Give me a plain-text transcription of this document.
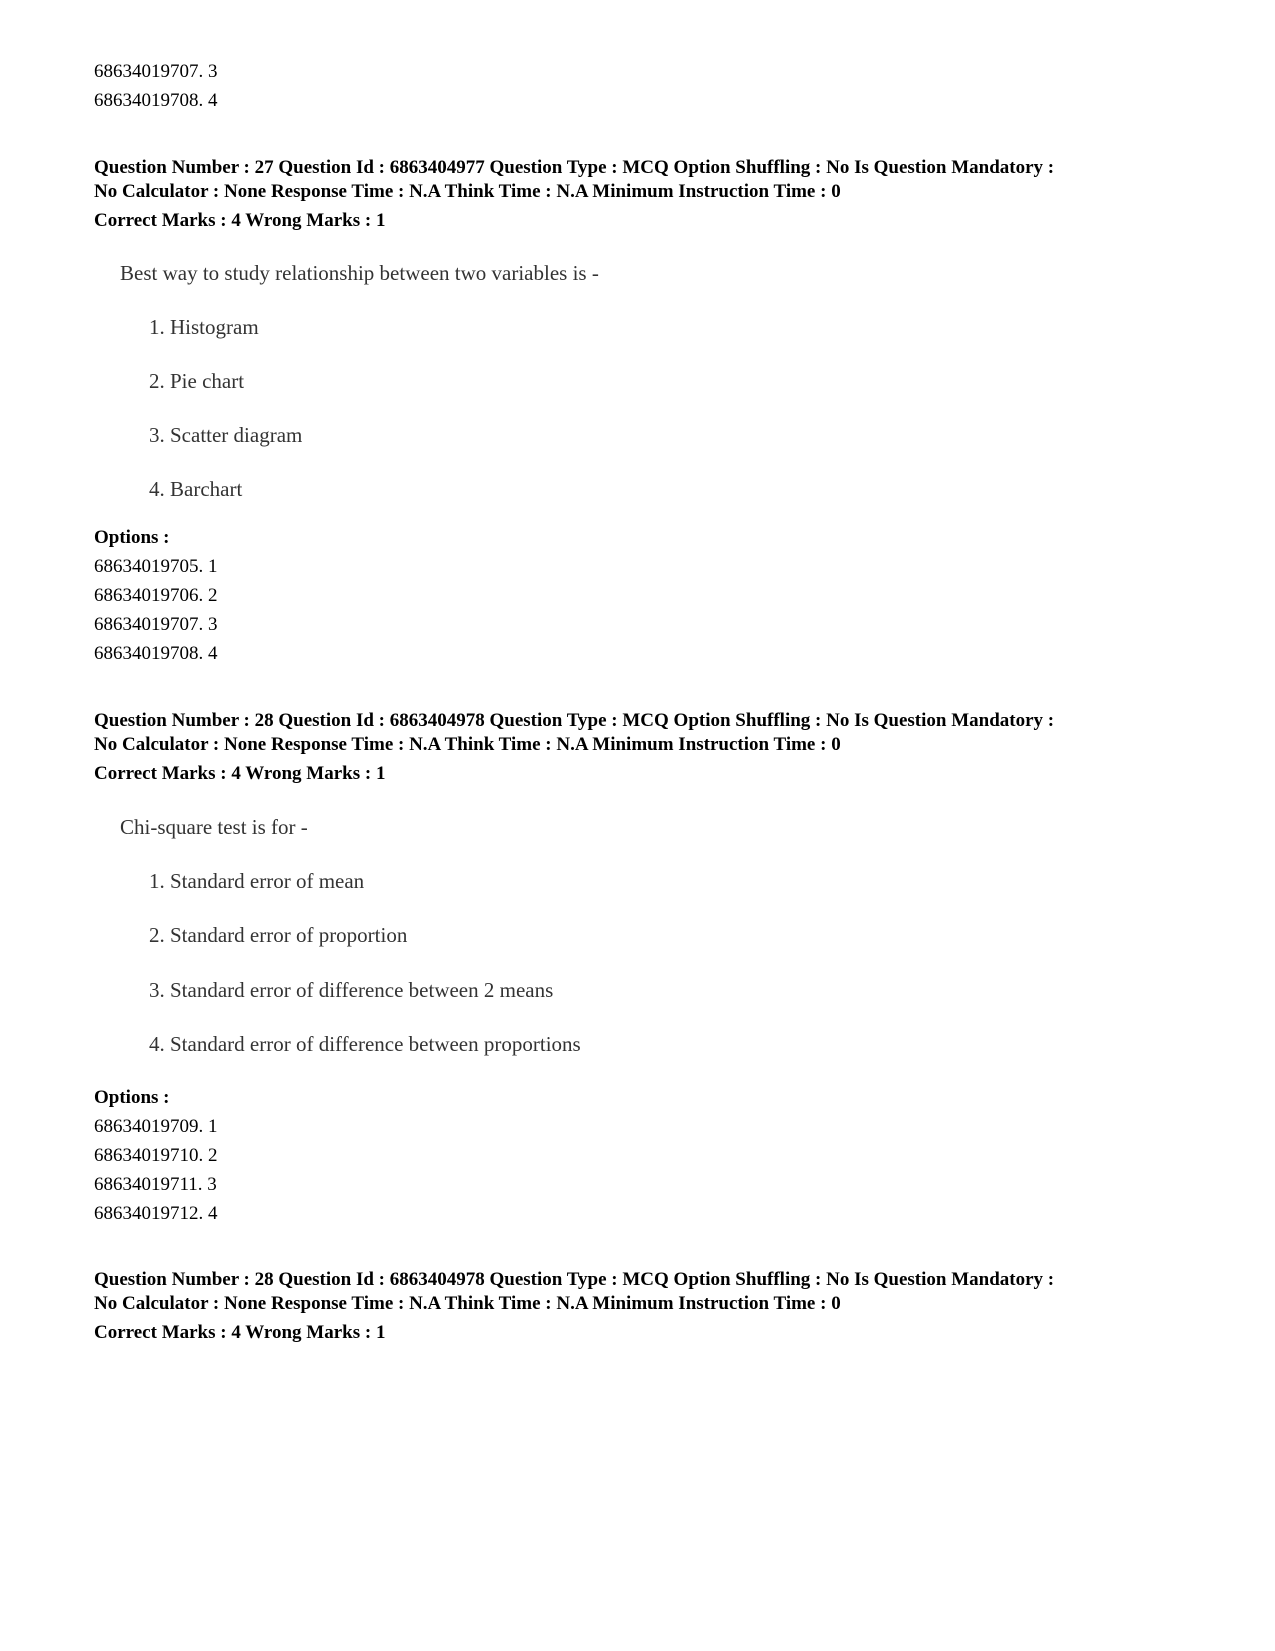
68634019707. 3
68634019708. 4
Question Number : 27 Question Id : 6863404977 Question Type : MCQ Option Shuffling : No Is Question Mandatory :
No Calculator : None Response Time : N.A Think Time : N.A Minimum Instruction Time : 0
Correct Marks : 4 Wrong Marks : 1
Best way to study relationship between two variables is -
1. Histogram
2. Pie chart
3. Scatter diagram
4. Barchart
Options :
68634019705. 1
68634019706. 2
68634019707. 3
68634019708. 4
Question Number : 28 Question Id : 6863404978 Question Type : MCQ Option Shuffling : No Is Question Mandatory :
No Calculator : None Response Time : N.A Think Time : N.A Minimum Instruction Time : 0
Correct Marks : 4 Wrong Marks : 1
Chi-square test is for -
1. Standard error of mean
2. Standard error of proportion
3. Standard error of difference between 2 means
4. Standard error of difference between proportions
Options :
68634019709. 1
68634019710. 2
68634019711. 3
68634019712. 4
Question Number : 28 Question Id : 6863404978 Question Type : MCQ Option Shuffling : No Is Question Mandatory :
No Calculator : None Response Time : N.A Think Time : N.A Minimum Instruction Time : 0
Correct Marks : 4 Wrong Marks : 1
